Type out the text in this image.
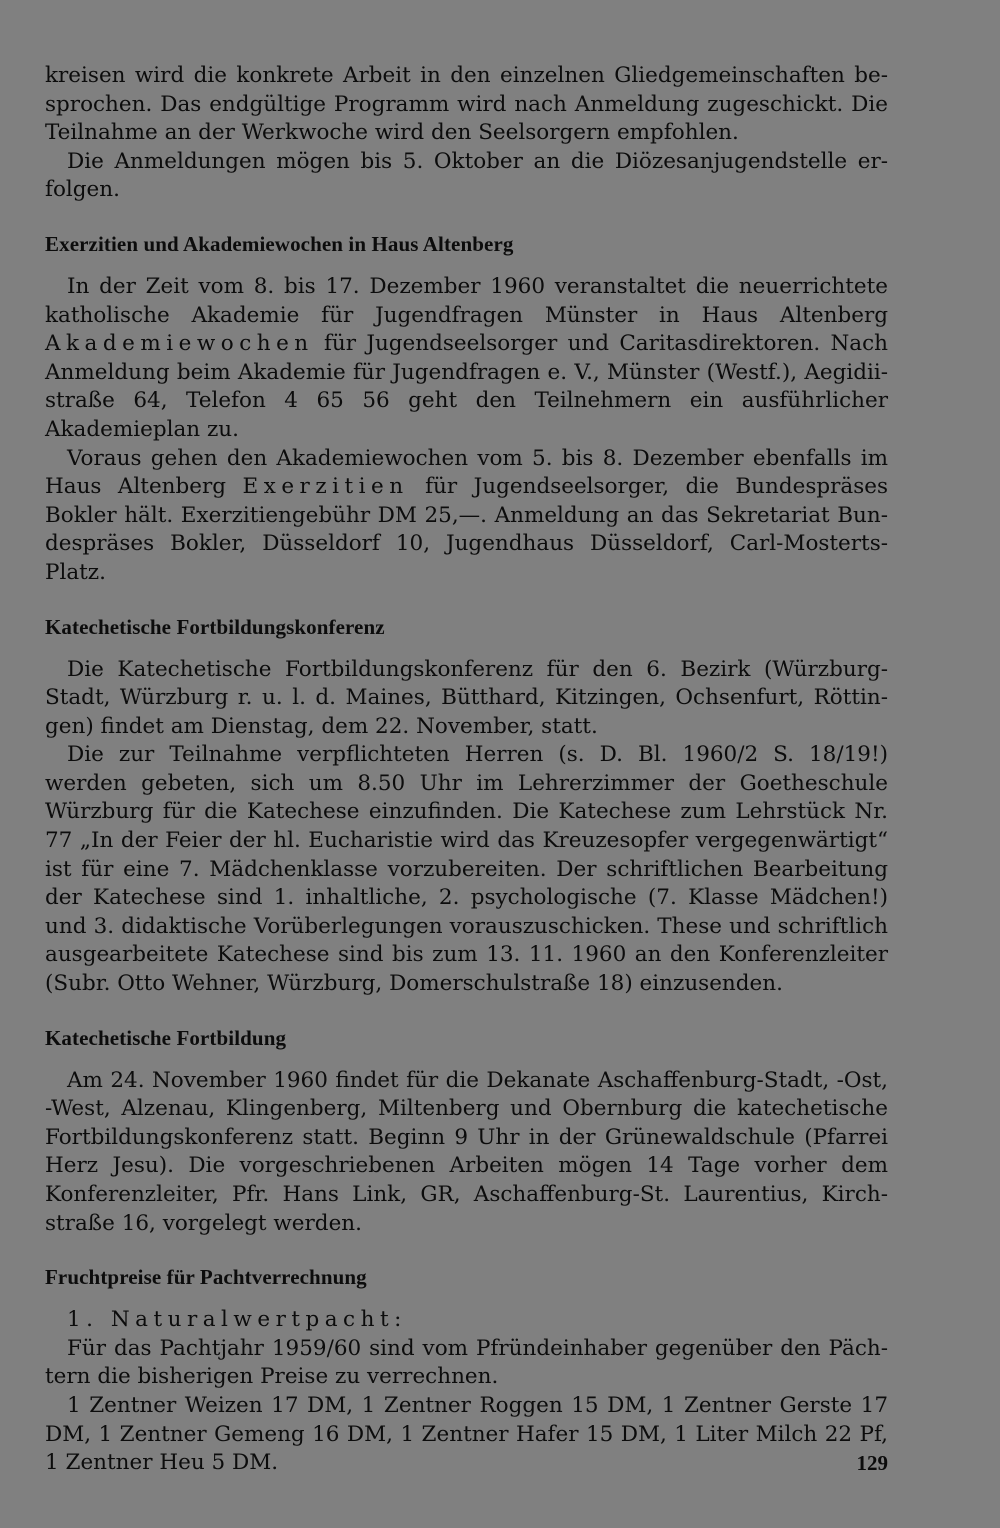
kreisen wird die konkrete Arbeit in den einzelnen Gliedgemeinschaften besprochen. Das endgültige Programm wird nach Anmeldung zugeschickt. Die Teilnahme an der Werkwoche wird den Seelsorgern empfohlen.

Die Anmeldungen mögen bis 5. Oktober an die Diözesanjugendstelle erfolgen.

Exerzitien und Akademiewochen in Haus Altenberg

In der Zeit vom 8. bis 17. Dezember 1960 veranstaltet die neuerrichtete katholische Akademie für Jugendfragen Münster in Haus Altenberg Akademiewochen für Jugendseelsorger und Caritasdirektoren. Nach Anmeldung beim Akademie für Jugendfragen e. V., Münster (Westf.), Aegidiistraße 64, Telefon 4 65 56 geht den Teilnehmern ein ausführlicher Akademieplan zu.

Voraus gehen den Akademiewochen vom 5. bis 8. Dezember ebenfalls im Haus Altenberg Exerzitien für Jugendseelsorger, die Bundespräses Bokler hält. Exerzitiengebühr DM 25,—. Anmeldung an das Sekretariat Bundespräses Bokler, Düsseldorf 10, Jugendhaus Düsseldorf, Carl-Mosterts-Platz.

Katechetische Fortbildungskonferenz

Die Katechetische Fortbildungskonferenz für den 6. Bezirk (Würzburg-Stadt, Würzburg r. u. l. d. Maines, Bütthard, Kitzingen, Ochsenfurt, Röttingen) findet am Dienstag, dem 22. November, statt.

Die zur Teilnahme verpflichteten Herren (s. D. Bl. 1960/2 S. 18/19!) werden gebeten, sich um 8.50 Uhr im Lehrerzimmer der Goetheschule Würzburg für die Katechese einzufinden. Die Katechese zum Lehrstück Nr. 77 „In der Feier der hl. Eucharistie wird das Kreuzesopfer vergegenwärtigt“ ist für eine 7. Mädchenklasse vorzubereiten. Der schriftlichen Bearbeitung der Katechese sind 1. inhaltliche, 2. psychologische (7. Klasse Mädchen!) und 3. didaktische Vorüberlegungen vorauszuschicken. These und schriftlich ausgearbeitete Katechese sind bis zum 13. 11. 1960 an den Konferenzleiter (Subr. Otto Wehner, Würzburg, Domerschulstraße 18) einzusenden.

Katechetische Fortbildung

Am 24. November 1960 findet für die Dekanate Aschaffenburg-Stadt, -Ost, -West, Alzenau, Klingenberg, Miltenberg und Obernburg die katechetische Fortbildungskonferenz statt. Beginn 9 Uhr in der Grünewaldschule (Pfarrei Herz Jesu). Die vorgeschriebenen Arbeiten mögen 14 Tage vorher dem Konferenzleiter, Pfr. Hans Link, GR, Aschaffenburg-St. Laurentius, Kirchstraße 16, vorgelegt werden.

Fruchtpreise für Pachtverrechnung

1. Naturalwertpacht:

Für das Pachtjahr 1959/60 sind vom Pfründeinhaber gegenüber den Pächtern die bisherigen Preise zu verrechnen.

1 Zentner Weizen 17 DM, 1 Zentner Roggen 15 DM, 1 Zentner Gerste 17 DM, 1 Zentner Gemeng 16 DM, 1 Zentner Hafer 15 DM, 1 Liter Milch 22 Pf, 1 Zentner Heu 5 DM.	129
